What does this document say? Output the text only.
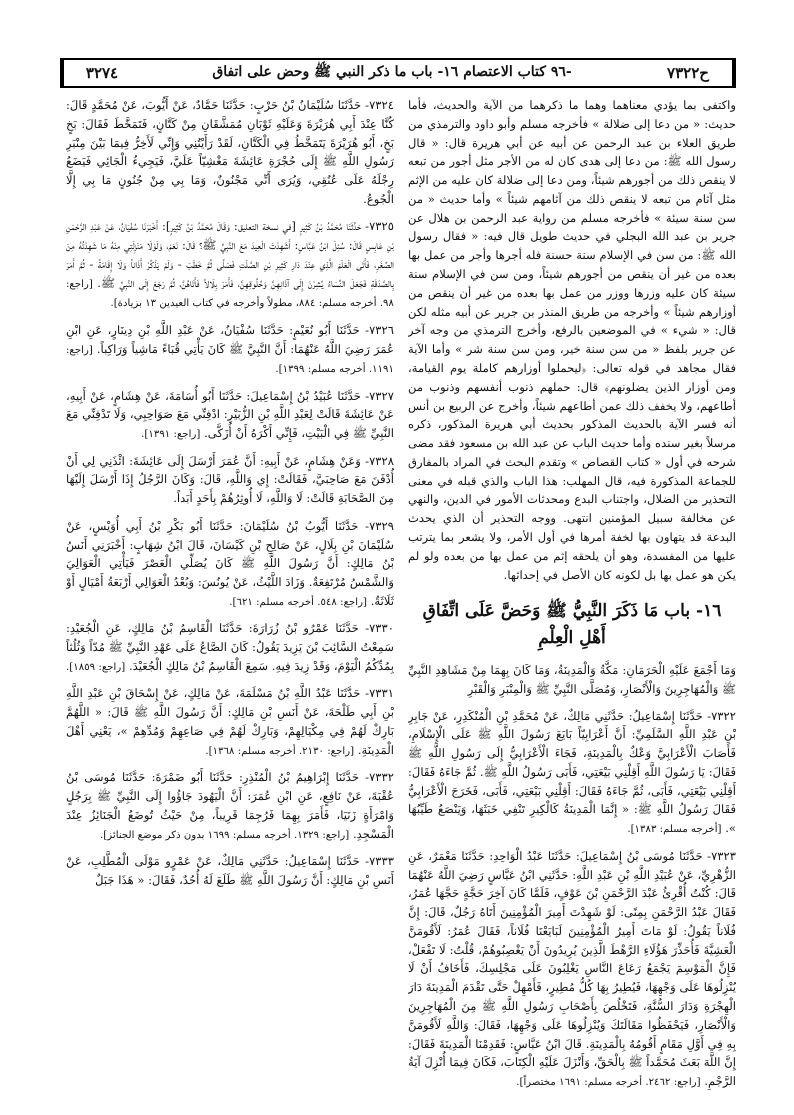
ح٧٣٢٢
-٩٦ كتاب الاعتصام ١٦- باب ما ذكر النبي ﷺ وحض على اتفاق
٣٢٧٤

واكتفى بما يؤدي معناهما وهما ما ذكرهما من الآية والحديث، فأما حديث: « من دعا إلى ضلالة » فأخرجه مسلم وأبو داود والترمذي من طريق العلاء بن عبد الرحمن عن أبيه عن أبي هريرة قال: « قال رسول الله ﷺ: من دعا إلى هدى كان له من الأجر مثل أجور من تبعه لا ينقص ذلك من أجورهم شيئاً، ومن دعا إلى ضلالة كان عليه من الإثم مثل آثام من تبعه لا ينقص ذلك من آثامهم شيئاً » وأما حديث « من سن سنة سيئة » فأخرجه مسلم من رواية عبد الرحمن بن هلال عن جرير بن عبد الله البجلي في حديث طويل قال فيه: « فقال رسول الله ﷺ: من سن في الإسلام سنة حسنة فله أجرها وأجر من عمل بها بعده من غير أن ينقص من أجورهم شيئاً، ومن سن في الإسلام سنة سيئة كان عليه وزرها ووزر من عمل بها بعده من غير أن ينقص من أوزارهم شيئاً » وأخرجه من طريق المنذر بن جرير عن أبيه مثله لكن قال: « شيء » في الموضعين بالرفع، وأخرج الترمذي من وجه آخر عن جرير بلفظ « من سن سنة خير، ومن سن سنة شر » وأما الآية فقال مجاهد في قوله تعالى: ﴿ليحملوا أوزارهم كاملة يوم القيامة، ومن أوزار الذين يضلونهم﴾ قال: حملهم ذنوب أنفسهم وذنوب من أطاعهم، ولا يخفف ذلك عمن أطاعهم شيئاً، وأخرج عن الربيع بن أنس أنه فسر الآية بالحديث المذكور بحديث أبي هريرة المذكور، ذكره مرسلاً بغير سنده وأما حديث الباب عن عبد الله بن مسعود فقد مضى شرحه في أول « كتاب القصاص » وتقدم البحث في المراد بالمفارق للجماعة المذكورة فيه، قال المهلب: هذا الباب والذي قبله في معنى التحذير من الضلال، واجتناب البدع ومحدثات الأمور في الدين، والنهي عن مخالفة سبيل المؤمنين انتهى. ووجه التحذير أن الذي يحدث البدعة قد يتهاون بها لخفة أمرها في أول الأمر، ولا يشعر بما يترتب عليها من المفسدة، وهو أن يلحقه إثم من عمل بها من بعده ولو لم يكن هو عمل بها بل لكونه كان الأصل في إحداثها.

١٦- باب مَا ذَكَرَ النَّبِيُّ ﷺ وَحَضَّ عَلَى اتِّفَاقِ أَهْلِ الْعِلْمِ

وَمَا أَجْمَعَ عَلَيْهِ الْحَرَمَانِ: مَكَّةُ وَالْمَدِينَةُ، وَمَا كَانَ بِهِمَا مِنْ مَشَاهِدِ النَّبِيِّ ﷺ وَالْمُهَاجِرِينَ وَالْأَنْصَارِ، وَمُصَلَّى النَّبِيِّ ﷺ وَالْمِنْبَرِ وَالْقَبْرِ

٧٣٢٢- حَدَّثَنَا إِسْمَاعِيلُ: حَدَّثَنِي مَالِكٌ، عَنْ مُحَمَّدِ بْنِ الْمُنْكَدِرِ، عَنْ جَابِرِ بْنِ عَبْدِ اللَّهِ السَّلَمِيِّ: أَنَّ أَعْرَابِيّاً بَايَعَ رَسُولَ اللَّهِ ﷺ عَلَى الْإِسْلَامِ، فَأَصَابَ الْأَعْرَابِيَّ وَعْكٌ بِالْمَدِينَةِ، فَجَاءَ الْأَعْرَابِيُّ إِلَى رَسُولِ اللَّهِ ﷺ فَقَالَ: يَا رَسُولَ اللَّهِ أَقِلْنِي بَيْعَتِي، فَأَبَى رَسُولُ اللَّهِ ﷺ. ثُمَّ جَاءَهُ فَقَالَ: أَقِلْنِي بَيْعَتِي، فَأَبَى، ثُمَّ جَاءَهُ فَقَالَ: أَقِلْنِي بَيْعَتِي، فَأَبَى، فَخَرَجَ الْأَعْرَابِيُّ فَقَالَ رَسُولُ اللَّهِ ﷺ: « إِنَّمَا الْمَدِينَةُ كَالْكِيرِ تَنْفِي خَبَثَهَا، وَيَنْصَعُ طَيِّبُهَا ». [أخرجه مسلم: ١٣٨٣].
٧٣٢٣- حَدَّثَنَا مُوسَى بْنُ إِسْمَاعِيلَ: حَدَّثَنَا عَبْدُ الْوَاحِدِ: حَدَّثَنَا مَعْمَرٌ، عَنِ الزُّهْرِيِّ، عَنْ عُبَيْدِ اللَّهِ بْنِ عَبْدِ اللَّهِ: حَدَّثَنِي ابْنُ عَبَّاسٍ رَضِيَ اللَّهُ عَنْهُمَا قَالَ: كُنْتُ أُقْرِئُ عَبْدَ الرَّحْمَنِ بْنَ عَوْفٍ، فَلَمَّا كَانَ آخِرَ حَجَّةٍ حَجَّهَا عُمَرُ، فَقَالَ عَبْدُ الرَّحْمَنِ بِمِنًى: لَوْ شَهِدْتَ أَمِيرَ الْمُؤْمِنِينَ أَتَاهُ رَجُلٌ، قَالَ: إِنَّ فُلَاناً يَقُولُ: لَوْ مَاتَ أَمِيرُ الْمُؤْمِنِينَ لَبَايَعْنَا فُلَاناً، فَقَالَ عُمَرُ: لَأَقُومَنَّ الْعَشِيَّةَ فَأُحَذِّرَ هَؤُلَاءِ الرَّهْطَ الَّذِينَ يُرِيدُونَ أَنْ يَغْصِبُوهُمْ، قُلْتُ: لَا تَفْعَلْ، فَإِنَّ الْمَوْسِمَ يَجْمَعُ رَعَاعَ النَّاسِ يَغْلِبُونَ عَلَى مَجْلِسِكَ، فَأَخَافُ أَنْ لَا يُنْزِلُوهَا عَلَى وَجْهِهَا، فَيُطِيرُ بِهَا كُلُّ مُطِيرٍ، فَأَمْهِلْ حَتَّى تَقْدَمَ الْمَدِينَةَ دَارَ الْهِجْرَةِ وَدَارَ السُّنَّةِ، فَتَخْلُصَ بِأَصْحَابِ رَسُولِ اللَّهِ ﷺ مِنَ الْمُهَاجِرِينَ وَالْأَنْصَارِ، فَيَحْفَظُوا مَقَالَتَكَ وَيُنْزِلُوهَا عَلَى وَجْهِهَا، فَقَالَ: وَاللَّهِ لَأَقُومَنَّ بِهِ فِي أَوَّلِ مَقَامٍ أَقُومُهُ بِالْمَدِينَةِ. قَالَ ابْنُ عَبَّاسٍ: فَقَدِمْنَا الْمَدِينَةَ فَقَالَ: إِنَّ اللَّهَ بَعَثَ مُحَمَّداً ﷺ بِالْحَقِّ، وَأَنْزَلَ عَلَيْهِ الْكِتَابَ، فَكَانَ فِيمَا أُنْزِلَ آيَةُ الرَّجْمِ. [راجع: ٢٤٦٢. أخرجه مسلم: ١٦٩١ مختصراً].
٧٣٢٤- حَدَّثَنَا سُلَيْمَانُ بْنُ حَرْبٍ: حَدَّثَنَا حَمَّادٌ، عَنْ أَيُّوبَ، عَنْ مُحَمَّدٍ قَالَ: كُنَّا عِنْدَ أَبِي هُرَيْرَةَ وَعَلَيْهِ ثَوْبَانِ مُمَشَّقَانِ مِنْ كَتَّانٍ، فَتَمَخَّطَ فَقَالَ: بَخٍ بَخٍ، أَبُو هُرَيْرَةَ يَتَمَخَّطُ فِي الْكَتَّانِ، لَقَدْ رَأَيْتُنِي وَإِنِّي لَأَخِرُّ فِيمَا بَيْنَ مِنْبَرِ رَسُولِ اللَّهِ ﷺ إِلَى حُجْرَةِ عَائِشَةَ مَغْشِيّاً عَلَيَّ، فَيَجِيءُ الْجَائِي فَيَضَعُ رِجْلَهُ عَلَى عُنُقِي، وَيُرَى أَنِّي مَجْنُونٌ، وَمَا بِي مِنْ جُنُونٍ مَا بِي إِلَّا الْجُوعُ.
٧٣٢٥- حَدَّثَنَا مُحَمَّدُ بْنُ كَثِيرٍ [في نسخة التعليق: وَقَالَ مُحَمَّدُ بْنُ كَثِيرٍ]: أَخْبَرَنَا سُفْيَانُ، عَنْ عَبْدِ الرَّحْمَنِ بْنِ عَابِسٍ قَالَ: سُئِلَ ابْنُ عَبَّاسٍ: أَشَهِدْتَ الْعِيدَ مَعَ النَّبِيِّ ﷺ؟ قَالَ: نَعَمْ، وَلَوْلَا مَنْزِلَتِي مِنْهُ مَا شَهِدْتُهُ مِنَ الصِّغَرِ، فَأَتَى الْعَلَمَ الَّذِي عِنْدَ دَارِ كَثِيرِ بْنِ الصَّلْتِ فَصَلَّى ثُمَّ خَطَبَ - وَلَمْ يَذْكُرْ أَذَاناً وَلَا إِقَامَةً - ثُمَّ أَمَرَ بِالصَّدَقَةِ فَجَعَلَ النِّسَاءُ يُشِرْنَ إِلَى آذَانِهِنَّ وَحُلُوقِهِنَّ، فَأَمَرَ بِلَالاً فَأَتَاهُنَّ، ثُمَّ رَجَعَ إِلَى النَّبِيِّ ﷺ. [راجع: ٩٨. أخرجه مسلم: ٨٨٤، مطولاً وأخرجه في كتاب العيدين ١٣ بزيادة].
٧٣٢٦- حَدَّثَنَا أَبُو نُعَيْمٍ: حَدَّثَنَا سُفْيَانُ، عَنْ عَبْدِ اللَّهِ بْنِ دِينَارٍ، عَنِ ابْنِ عُمَرَ رَضِيَ اللَّهُ عَنْهُمَا: أَنَّ النَّبِيَّ ﷺ كَانَ يَأْتِي قُبَاءً مَاشِياً وَرَاكِباً. [راجع: ١١٩١. أخرجه مسلم: ١٣٩٩].
٧٣٢٧- حَدَّثَنَا عُبَيْدُ بْنُ إِسْمَاعِيلَ: حَدَّثَنَا أَبُو أُسَامَةَ، عَنْ هِشَامٍ، عَنْ أَبِيهِ، عَنْ عَائِشَةَ قَالَتْ لِعَبْدِ اللَّهِ بْنِ الزُّبَيْرِ: ادْفِنِّي مَعَ صَوَاحِبِي، وَلَا تَدْفِنِّي مَعَ النَّبِيِّ ﷺ فِي الْبَيْتِ، فَإِنِّي أَكْرَهُ أَنْ أُزَكَّى. [راجع: ١٣٩١].
٧٣٢٨- وَعَنْ هِشَامٍ، عَنْ أَبِيهِ: أَنَّ عُمَرَ أَرْسَلَ إِلَى عَائِشَةَ: ائْذَنِي لِي أَنْ أُدْفَنَ مَعَ صَاحِبَيَّ، فَقَالَتْ: إِي وَاللَّهِ، قَالَ: وَكَانَ الرَّجُلُ إِذَا أَرْسَلَ إِلَيْهَا مِنَ الصَّحَابَةِ قَالَتْ: لَا وَاللَّهِ، لَا أُوثِرُهُمْ بِأَحَدٍ أَبَداً.
٧٣٢٩- حَدَّثَنَا أَيُّوبُ بْنُ سُلَيْمَانَ: حَدَّثَنَا أَبُو بَكْرِ بْنُ أَبِي أُوَيْسٍ، عَنْ سُلَيْمَانَ بْنِ بِلَالٍ، عَنْ صَالِحِ بْنِ كَيْسَانَ، قَالَ ابْنُ شِهَابٍ: أَخْبَرَنِي أَنَسُ بْنُ مَالِكٍ: أَنَّ رَسُولَ اللَّهِ ﷺ كَانَ يُصَلِّي الْعَصْرَ فَيَأْتِي الْعَوَالِيَ وَالشَّمْسُ مُرْتَفِعَةٌ. وَزَادَ اللَّيْثُ، عَنْ يُونُسَ: وَبُعْدُ الْعَوَالِي أَرْبَعَةُ أَمْيَالٍ أَوْ ثَلَاثَةٌ. [راجع: ٥٤٨. أخرجه مسلم: ٦٢١].
٧٣٣٠- حَدَّثَنَا عَمْرُو بْنُ زُرَارَةَ: حَدَّثَنَا الْقَاسِمُ بْنُ مَالِكٍ، عَنِ الْجُعَيْدِ: سَمِعْتُ السَّائِبَ بْنَ يَزِيدَ يَقُولُ: كَانَ الصَّاعُ عَلَى عَهْدِ النَّبِيِّ ﷺ مُدّاً وَثُلُثاً بِمُدِّكُمُ الْيَوْمَ، وَقَدْ زِيدَ فِيهِ. سَمِعَ الْقَاسِمُ بْنُ مَالِكٍ الْجُعَيْدَ. [راجع: ١٨٥٩].
٧٣٣١- حَدَّثَنَا عَبْدُ اللَّهِ بْنُ مَسْلَمَةَ، عَنْ مَالِكٍ، عَنْ إِسْحَاقَ بْنِ عَبْدِ اللَّهِ بْنِ أَبِي طَلْحَةَ، عَنْ أَنَسِ بْنِ مَالِكٍ: أَنَّ رَسُولَ اللَّهِ ﷺ قَالَ: « اللَّهُمَّ بَارِكْ لَهُمْ فِي مِكْيَالِهِمْ، وَبَارِكْ لَهُمْ فِي صَاعِهِمْ وَمُدِّهِمْ »، يَعْنِي أَهْلَ الْمَدِينَةِ. [راجع: ٢١٣٠. أخرجه مسلم: ١٣٦٨].
٧٣٣٢- حَدَّثَنَا إِبْرَاهِيمُ بْنُ الْمُنْذِرِ: حَدَّثَنَا أَبُو ضَمْرَةَ: حَدَّثَنَا مُوسَى بْنُ عُقْبَةَ، عَنْ نَافِعٍ، عَنِ ابْنِ عُمَرَ: أَنَّ الْيَهُودَ جَاؤُوا إِلَى النَّبِيِّ ﷺ بِرَجُلٍ وَامْرَأَةٍ زَنَيَا، فَأَمَرَ بِهِمَا فَرُجِمَا قَرِيباً، مِنْ حَيْثُ تُوضَعُ الْجَنَائِزُ عِنْدَ الْمَسْجِدِ. [راجع: ١٣٢٩. أخرجه مسلم: ١٦٩٩ بدون ذكر موضع الجنائز].
٧٣٣٣- حَدَّثَنَا إِسْمَاعِيلُ: حَدَّثَنِي مَالِكٌ، عَنْ عَمْرٍو مَوْلَى الْمُطَّلِبِ، عَنْ أَنَسِ بْنِ مَالِكٍ: أَنَّ رَسُولَ اللَّهِ ﷺ طَلَعَ لَهُ أُحُدٌ، فَقَالَ: « هَذَا جَبَلٌ
